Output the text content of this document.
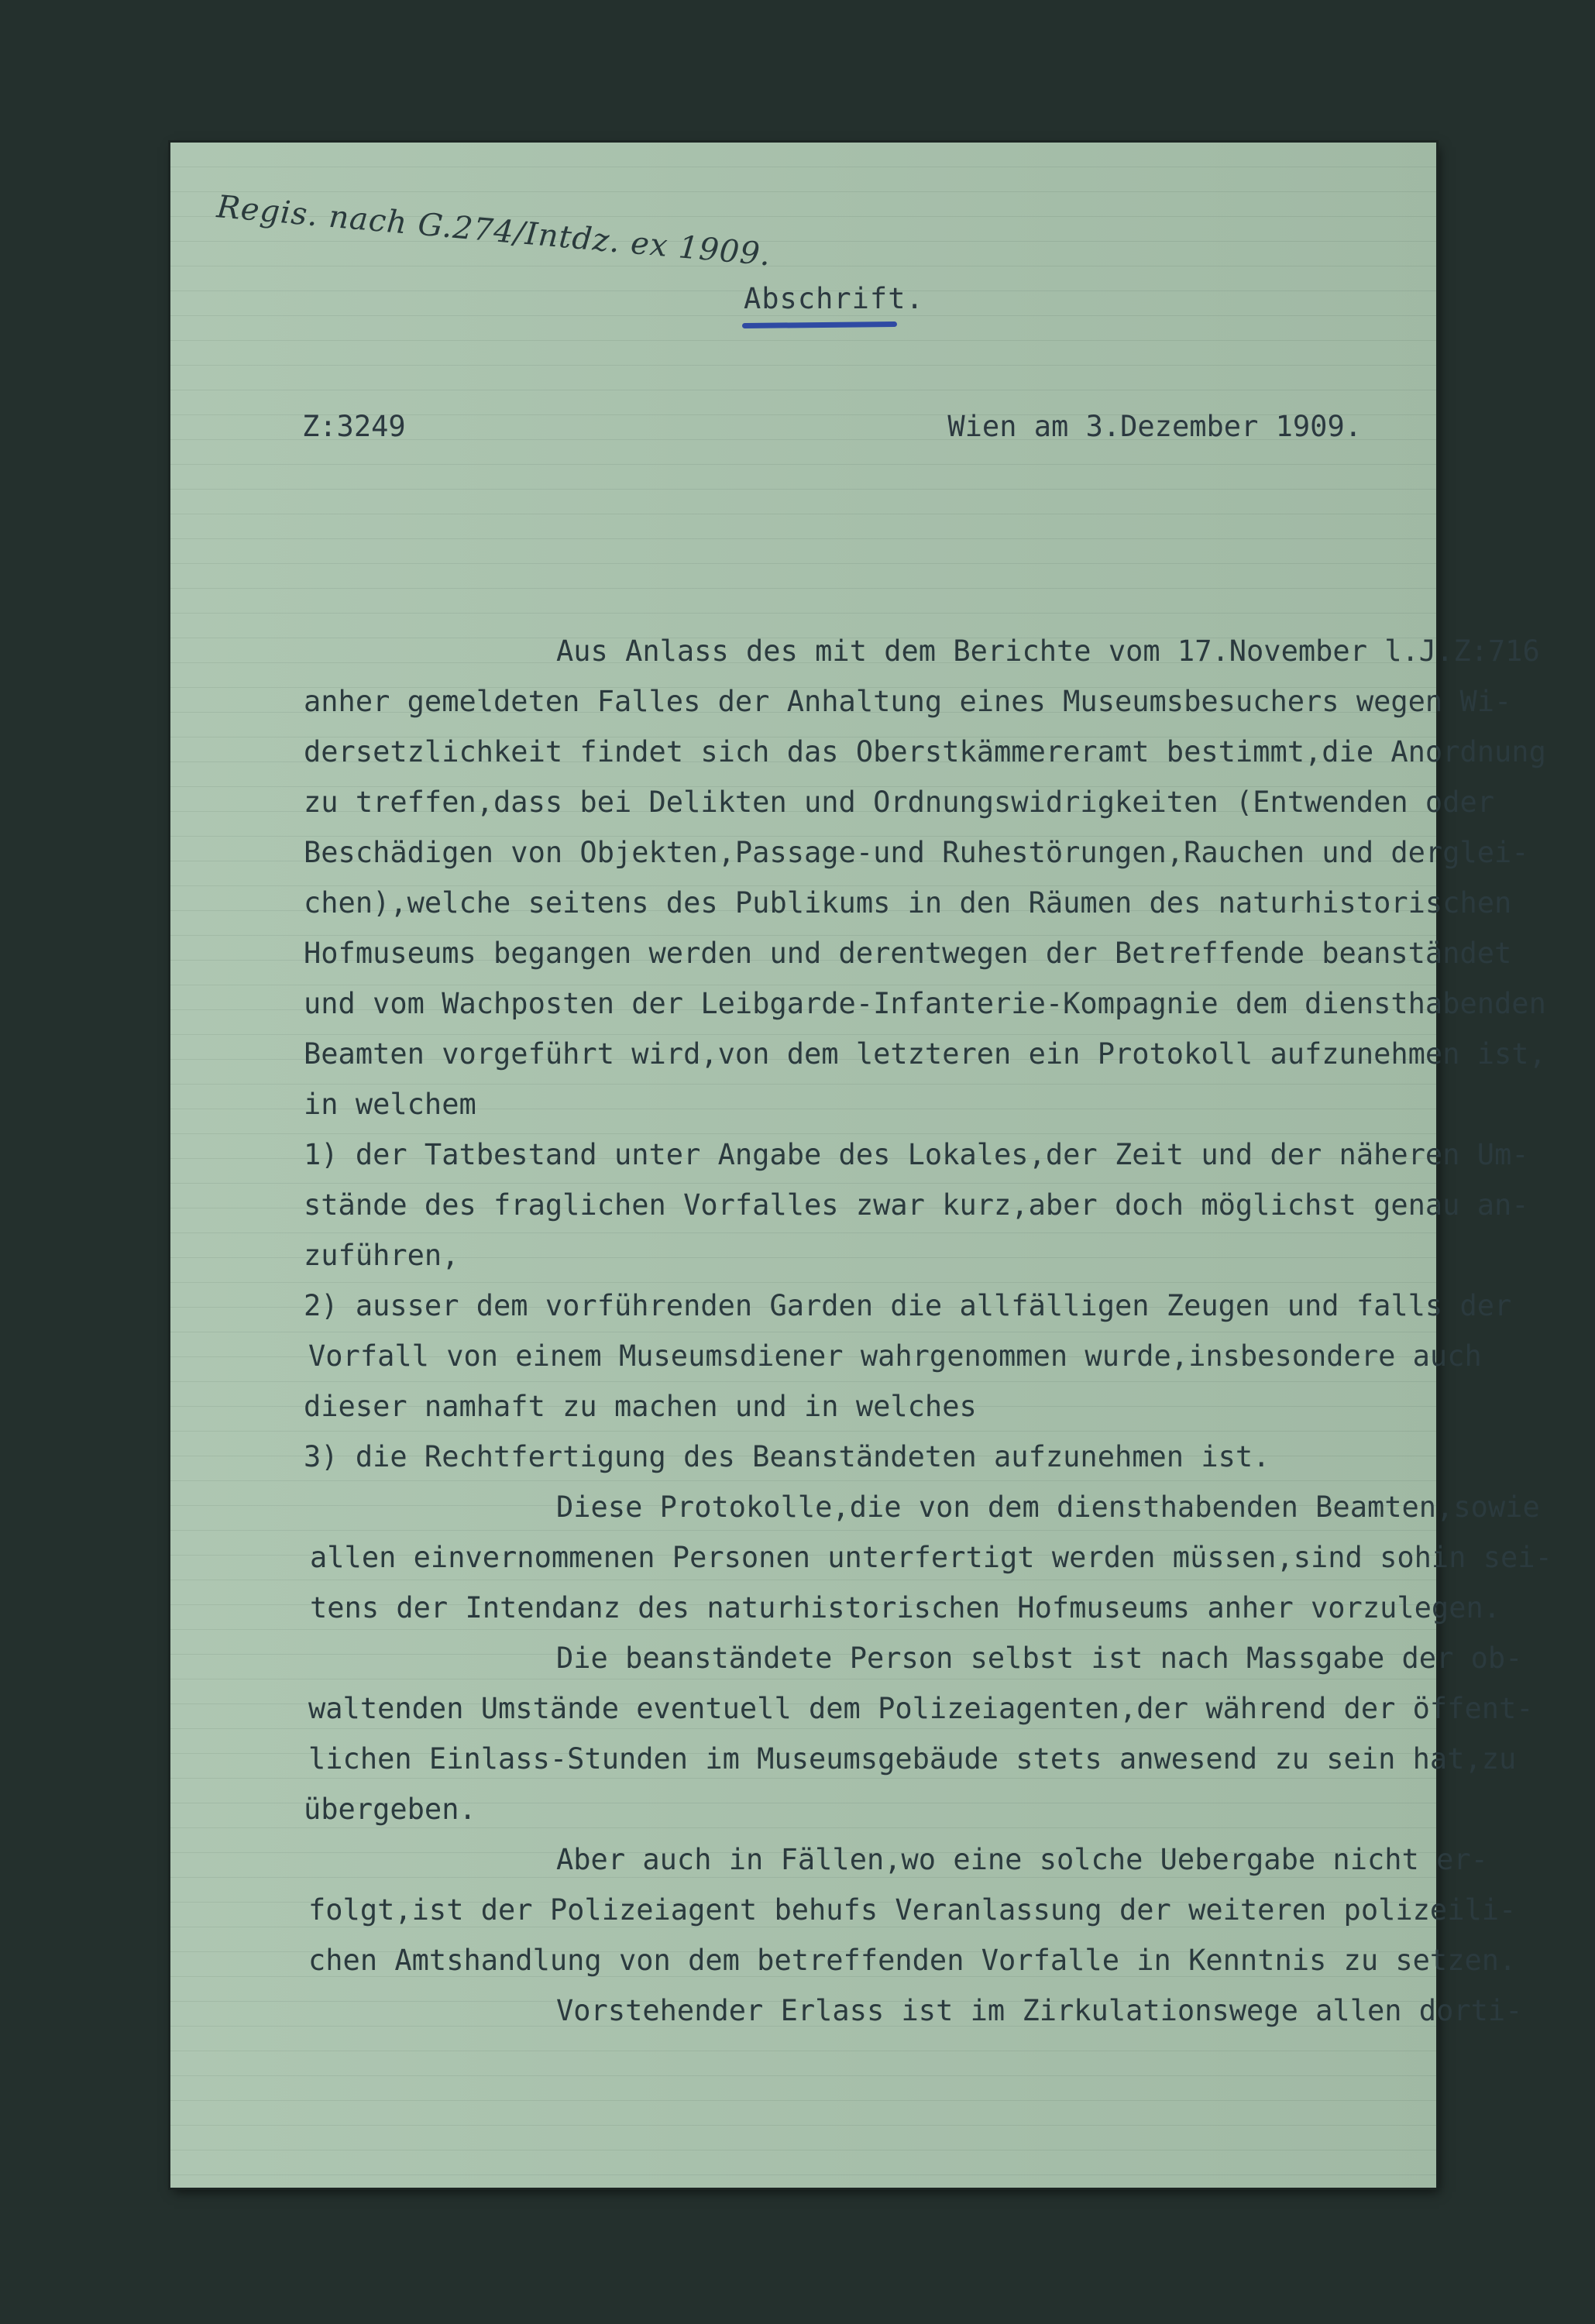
Regis. nach G.274/Intdz. ex 1909.
Abschrift.
Z:3249	Wien am 3.Dezember 1909.
Aus Anlass des mit dem Berichte vom 17.November l.J.Z:716
anher gemeldeten Falles der Anhaltung eines Museumsbesuchers wegen Wi-
dersetzlichkeit findet sich das Oberstkämmereramt bestimmt,die Anordnung
zu treffen,dass bei Delikten und Ordnungswidrigkeiten (Entwenden oder
Beschädigen von Objekten,Passage-und Ruhestörungen,Rauchen und derglei-
chen),welche seitens des Publikums in den Räumen des naturhistorischen
Hofmuseums begangen werden und derentwegen der Betreffende beanständet
und vom Wachposten der Leibgarde-Infanterie-Kompagnie dem diensthabenden
Beamten vorgeführt wird,von dem letzteren ein Protokoll aufzunehmen ist,
in welchem
1) der Tatbestand unter Angabe des Lokales,der Zeit und der näheren Um-
stände des fraglichen Vorfalles zwar kurz,aber doch möglichst genau an-
zuführen,
2) ausser dem vorführenden Garden die allfälligen Zeugen und falls der
Vorfall von einem Museumsdiener wahrgenommen wurde,insbesondere auch
dieser namhaft zu machen und in welches
3) die Rechtfertigung des Beanständeten aufzunehmen ist.
Diese Protokolle,die von dem diensthabenden Beamten,sowie
allen einvernommenen Personen unterfertigt werden müssen,sind sohin sei-
tens der Intendanz des naturhistorischen Hofmuseums anher vorzulegen.
Die beanständete Person selbst ist nach Massgabe der ob-
waltenden Umstände eventuell dem Polizeiagenten,der während der öffent-
lichen Einlass-Stunden im Museumsgebäude stets anwesend zu sein hat,zu
übergeben.
Aber auch in Fällen,wo eine solche Uebergabe nicht er-
folgt,ist der Polizeiagent behufs Veranlassung der weiteren polizeili-
chen Amtshandlung von dem betreffenden Vorfalle in Kenntnis zu setzen.
Vorstehender Erlass ist im Zirkulationswege allen dorti-
